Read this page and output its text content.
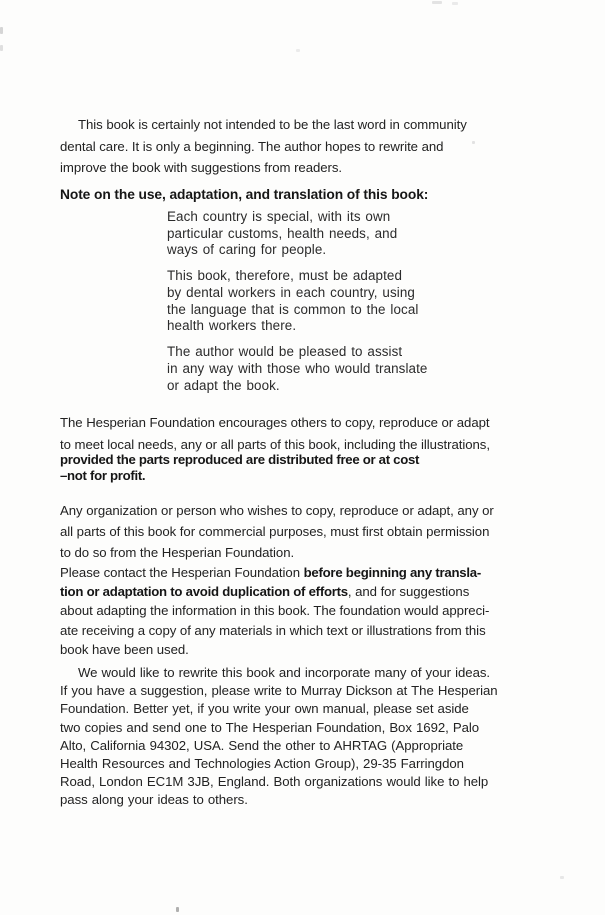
This book is certainly not intended to be the last word in community
dental care. It is only a beginning. The author hopes to rewrite and
improve the book with suggestions from readers.
Note on the use, adaptation, and translation of this book:
Each country is special, with its own
particular customs, health needs, and
ways of caring for people.
This book, therefore, must be adapted
by dental workers in each country, using
the language that is common to the local
health workers there.
The author would be pleased to assist
in any way with those who would translate
or adapt the book.
The Hesperian Foundation encourages others to copy, reproduce or adapt
to meet local needs, any or all parts of this book, including the illustrations,
provided the parts reproduced are distributed free or at cost
–not for profit.
Any organization or person who wishes to copy, reproduce or adapt, any or
all parts of this book for commercial purposes, must first obtain permission
to do so from the Hesperian Foundation.
Please contact the Hesperian Foundation before beginning any transla-
tion or adaptation to avoid duplication of efforts, and for suggestions
about adapting the information in this book. The foundation would appreci-
ate receiving a copy of any materials in which text or illustrations from this
book have been used.
We would like to rewrite this book and incorporate many of your ideas.
If you have a suggestion, please write to Murray Dickson at The Hesperian
Foundation. Better yet, if you write your own manual, please set aside
two copies and send one to The Hesperian Foundation, Box 1692, Palo
Alto, California 94302, USA. Send the other to AHRTAG (Appropriate
Health Resources and Technologies Action Group), 29-35 Farringdon
Road, London EC1M 3JB, England. Both organizations would like to help
pass along your ideas to others.
